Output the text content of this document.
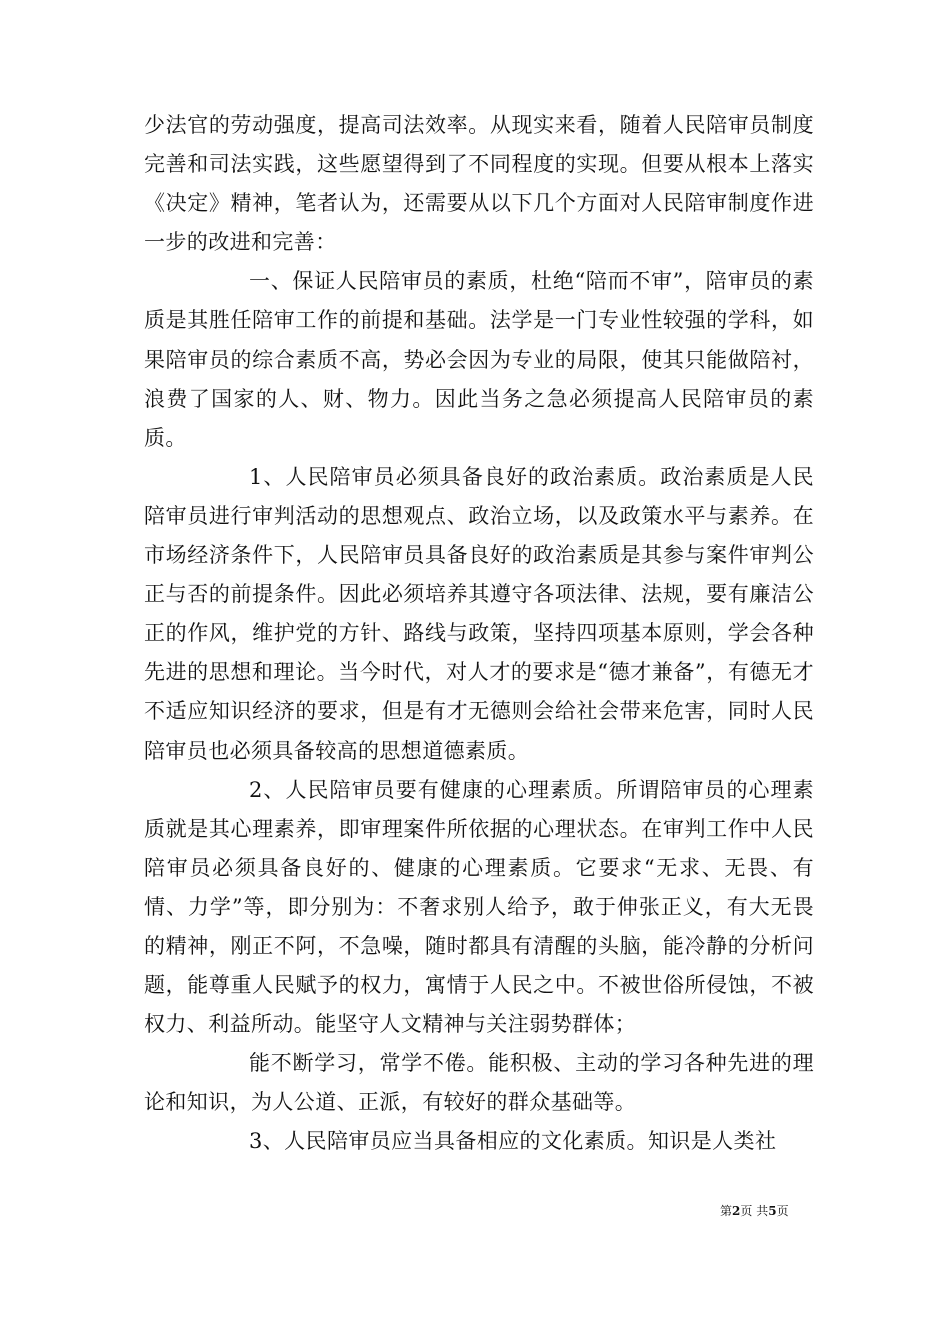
少法官的劳动强度，提高司法效率。从现实来看，随着人民陪审员制度完善和司法实践，这些愿望得到了不同程度的实现。但要从根本上落实《决定》精神，笔者认为，还需要从以下几个方面对人民陪审制度作进一步的改进和完善：

一、保证人民陪审员的素质，杜绝“陪而不审”，陪审员的素质是其胜任陪审工作的前提和基础。法学是一门专业性较强的学科，如果陪审员的综合素质不高，势必会因为专业的局限，使其只能做陪衬，浪费了国家的人、财、物力。因此当务之急必须提高人民陪审员的素质。

1、人民陪审员必须具备良好的政治素质。政治素质是人民陪审员进行审判活动的思想观点、政治立场，以及政策水平与素养。在市场经济条件下，人民陪审员具备良好的政治素质是其参与案件审判公正与否的前提条件。因此必须培养其遵守各项法律、法规，要有廉洁公正的作风，维护党的方针、路线与政策，坚持四项基本原则，学会各种先进的思想和理论。当今时代，对人才的要求是“德才兼备”，有德无才不适应知识经济的要求，但是有才无德则会给社会带来危害，同时人民陪审员也必须具备较高的思想道德素质。

2、人民陪审员要有健康的心理素质。所谓陪审员的心理素质就是其心理素养，即审理案件所依据的心理状态。在审判工作中人民陪审员必须具备良好的、健康的心理素质。它要求“无求、无畏、有情、力学”等，即分别为：不奢求别人给予，敢于伸张正义，有大无畏的精神，刚正不阿，不急噪，随时都具有清醒的头脑，能冷静的分析问题，能尊重人民赋予的权力，寓情于人民之中。不被世俗所侵蚀，不被权力、利益所动。能坚守人文精神与关注弱势群体；

能不断学习，常学不倦。能积极、主动的学习各种先进的理论和知识，为人公道、正派，有较好的群众基础等。

3、人民陪审员应当具备相应的文化素质。知识是人类社

第2页 共5页
